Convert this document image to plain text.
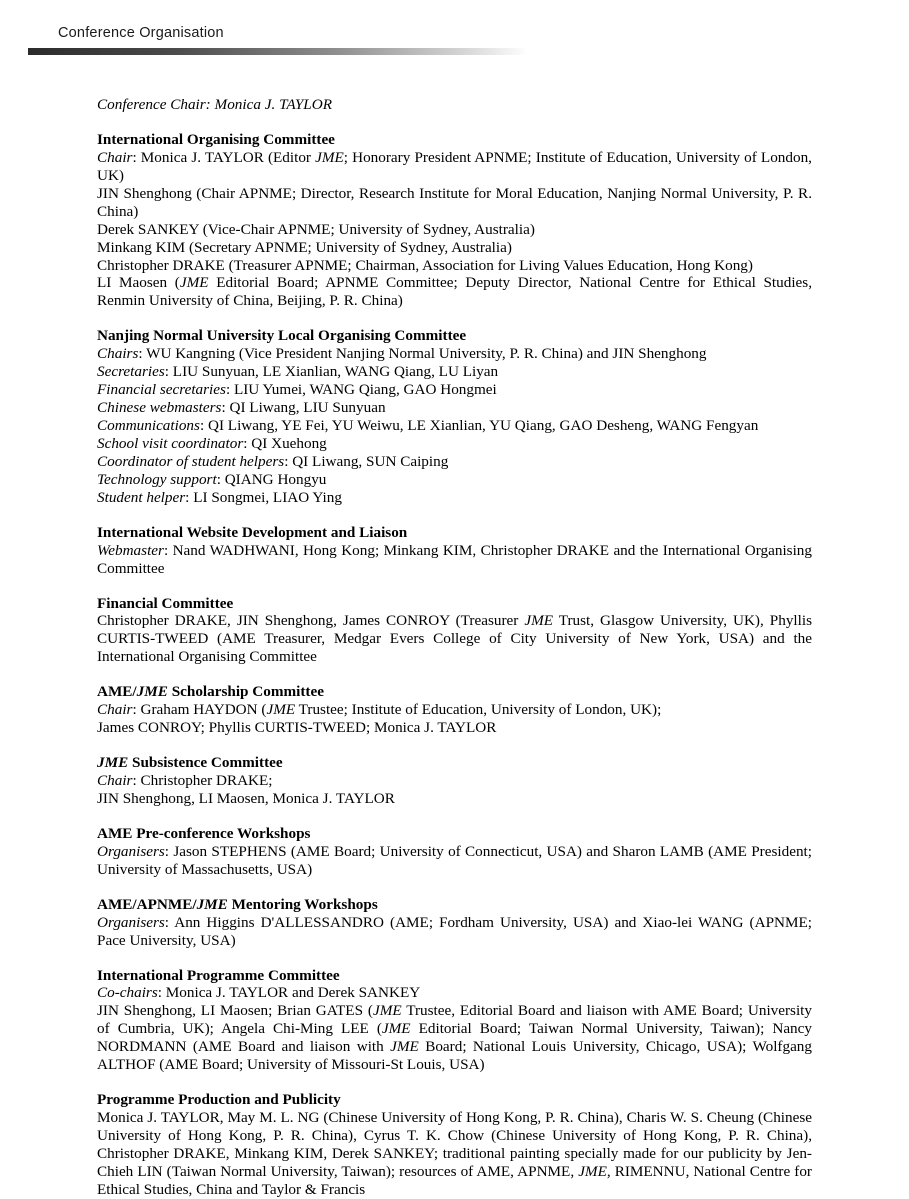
Conference Organisation

Conference Chair: Monica J. TAYLOR

International Organising Committee

Chair: Monica J. TAYLOR (Editor JME; Honorary President APNME; Institute of Education, University of London, UK)

JIN Shenghong (Chair APNME; Director, Research Institute for Moral Education, Nanjing Normal University, P. R. China)

Derek SANKEY (Vice-Chair APNME; University of Sydney, Australia)

Minkang KIM (Secretary APNME; University of Sydney, Australia)

Christopher DRAKE (Treasurer APNME; Chairman, Association for Living Values Education, Hong Kong)

LI Maosen (JME Editorial Board; APNME Committee; Deputy Director, National Centre for Ethical Studies, Renmin University of China, Beijing, P. R. China)

Nanjing Normal University Local Organising Committee

Chairs: WU Kangning (Vice President Nanjing Normal University, P. R. China) and JIN Shenghong

Secretaries: LIU Sunyuan, LE Xianlian, WANG Qiang, LU Liyan

Financial secretaries: LIU Yumei, WANG Qiang, GAO Hongmei

Chinese webmasters: QI Liwang, LIU Sunyuan

Communications: QI Liwang, YE Fei, YU Weiwu, LE Xianlian, YU Qiang, GAO Desheng, WANG Fengyan

School visit coordinator: QI Xuehong

Coordinator of student helpers: QI Liwang, SUN Caiping

Technology support: QIANG Hongyu

Student helper: LI Songmei, LIAO Ying

International Website Development and Liaison

Webmaster: Nand WADHWANI, Hong Kong; Minkang KIM, Christopher DRAKE and the International Organising Committee

Financial Committee

Christopher DRAKE, JIN Shenghong, James CONROY (Treasurer JME Trust, Glasgow University, UK), Phyllis CURTIS-TWEED (AME Treasurer, Medgar Evers College of City University of New York, USA) and the International Organising Committee

AME/JME Scholarship Committee

Chair: Graham HAYDON (JME Trustee; Institute of Education, University of London, UK);

James CONROY; Phyllis CURTIS-TWEED; Monica J. TAYLOR

JME Subsistence Committee

Chair: Christopher DRAKE;

JIN Shenghong, LI Maosen, Monica J. TAYLOR

AME Pre-conference Workshops

Organisers: Jason STEPHENS (AME Board; University of Connecticut, USA) and Sharon LAMB (AME President; University of Massachusetts, USA)

AME/APNME/JME Mentoring Workshops

Organisers: Ann Higgins D'ALLESSANDRO (AME; Fordham University, USA) and Xiao-lei WANG (APNME; Pace University, USA)

International Programme Committee

Co-chairs: Monica J. TAYLOR and Derek SANKEY

JIN Shenghong, LI Maosen; Brian GATES (JME Trustee, Editorial Board and liaison with AME Board; University of Cumbria, UK); Angela Chi-Ming LEE (JME Editorial Board; Taiwan Normal University, Taiwan); Nancy NORDMANN (AME Board and liaison with JME Board; National Louis University, Chicago, USA); Wolfgang ALTHOF (AME Board; University of Missouri-St Louis, USA)

Programme Production and Publicity

Monica J. TAYLOR, May M. L. NG (Chinese University of Hong Kong, P. R. China), Charis W. S. Cheung (Chinese University of Hong Kong, P. R. China), Cyrus T. K. Chow (Chinese University of Hong Kong, P. R. China), Christopher DRAKE, Minkang KIM, Derek SANKEY; traditional painting specially made for our publicity by Jen-Chieh LIN (Taiwan Normal University, Taiwan); resources of AME, APNME, JME, RIMENNU, National Centre for Ethical Studies, China and Taylor & Francis
